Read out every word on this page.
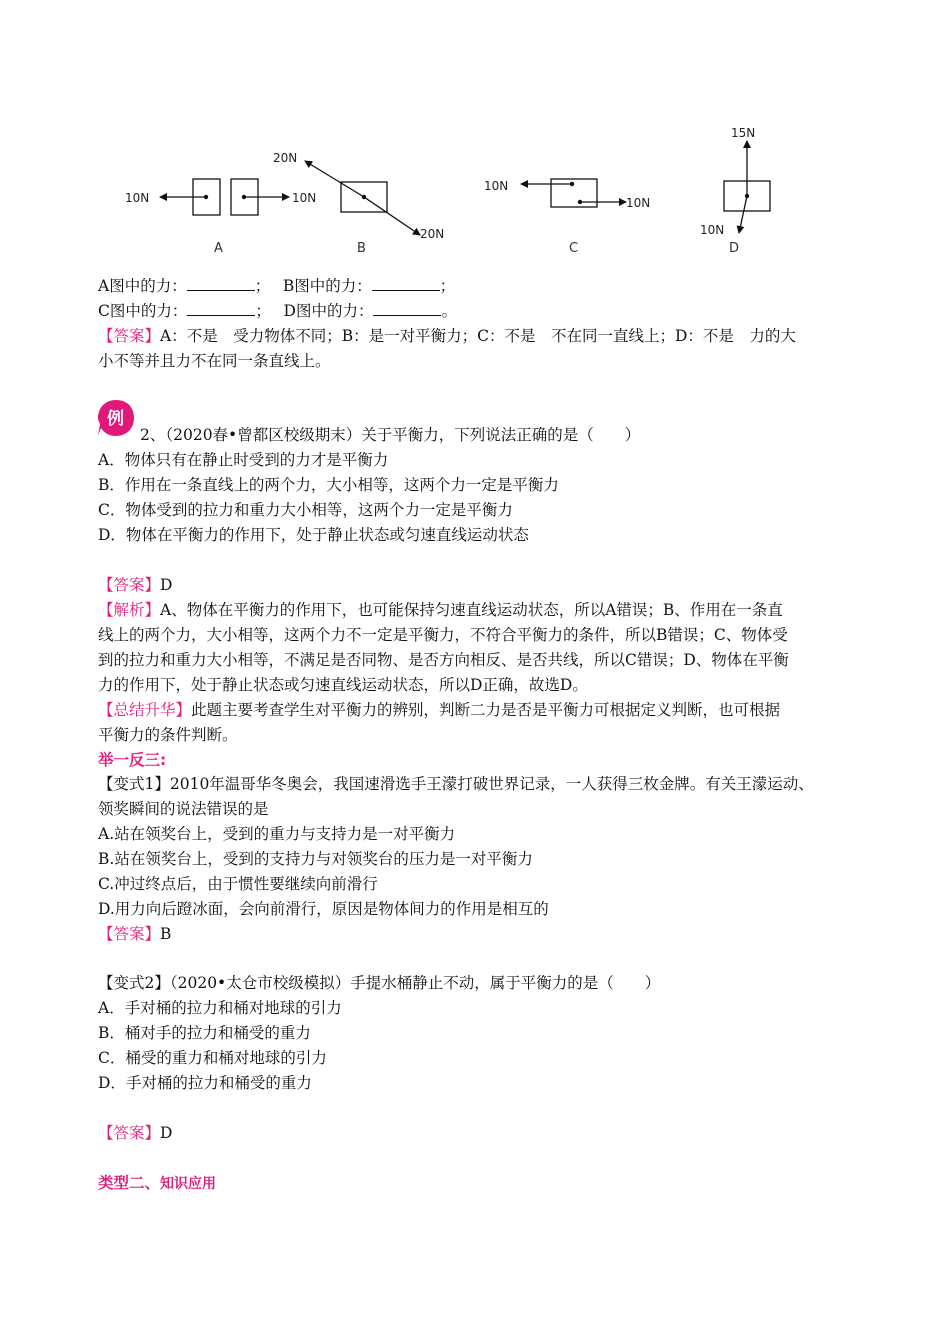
10N	10N
A
20N
20N
B
10N
10N
C
15N
10N
D
A图中的力：	；　 B图中的力：	；
C图中的力：	；　 D图中的力：	。
【答案】A：不是　受力物体不同；B：是一对平衡力；C：不是　不在同一直线上；D：不是　力的大
小不等并且力不在同一条直线上。
例
2、（2020春•曾都区校级期末）关于平衡力，下列说法正确的是（　　）
A．物体只有在静止时受到的力才是平衡力
B．作用在一条直线上的两个力，大小相等，这两个力一定是平衡力
C．物体受到的拉力和重力大小相等，这两个力一定是平衡力
D．物体在平衡力的作用下，处于静止状态或匀速直线运动状态
【答案】D
【解析】A、物体在平衡力的作用下，也可能保持匀速直线运动状态，所以A错误；B、作用在一条直
线上的两个力，大小相等，这两个力不一定是平衡力，不符合平衡力的条件，所以B错误；C、物体受
到的拉力和重力大小相等，不满足是否同物、是否方向相反、是否共线，所以C错误；D、物体在平衡
力的作用下，处于静止状态或匀速直线运动状态，所以D正确，故选D。
【总结升华】此题主要考查学生对平衡力的辨别，判断二力是否是平衡力可根据定义判断，也可根据
平衡力的条件判断。
举一反三:
【变式1】2010年温哥华冬奥会，我国速滑选手王濛打破世界记录，一人获得三枚金牌。有关王濛运动、
领奖瞬间的说法错误的是
A.站在领奖台上，受到的重力与支持力是一对平衡力
B.站在领奖台上，受到的支持力与对领奖台的压力是一对平衡力
C.冲过终点后，由于惯性要继续向前滑行
D.用力向后蹬冰面，会向前滑行，原因是物体间力的作用是相互的
【答案】B
【变式2】（2020•太仓市校级模拟）手提水桶静止不动，属于平衡力的是（　　）
A．手对桶的拉力和桶对地球的引力
B．桶对手的拉力和桶受的重力
C．桶受的重力和桶对地球的引力
D．手对桶的拉力和桶受的重力
【答案】D
类型二、知识应用
